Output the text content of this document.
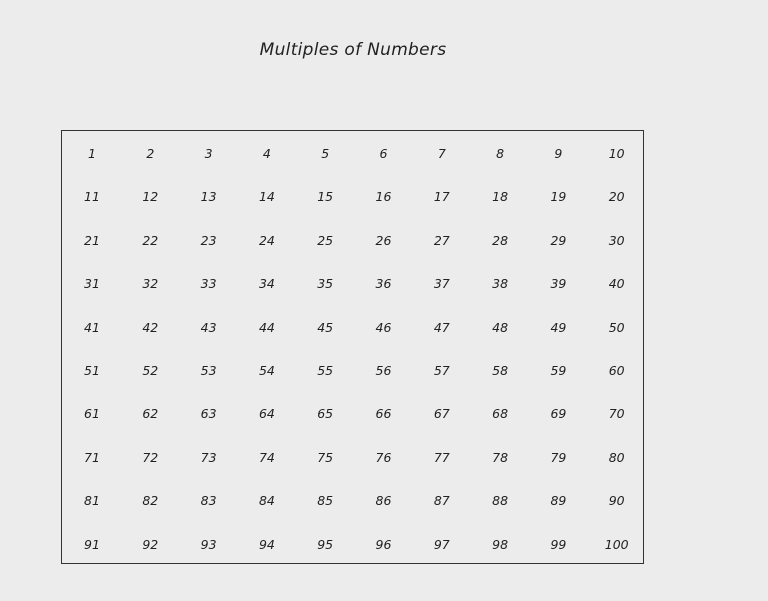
Multiples of Numbers
1	2	3	4	5	6	7	8	9	10
11	12	13	14	15	16	17	18	19	20
21	22	23	24	25	26	27	28	29	30
31	32	33	34	35	36	37	38	39	40
41	42	43	44	45	46	47	48	49	50
51	52	53	54	55	56	57	58	59	60
61	62	63	64	65	66	67	68	69	70
71	72	73	74	75	76	77	78	79	80
81	82	83	84	85	86	87	88	89	90
91	92	93	94	95	96	97	98	99	100
